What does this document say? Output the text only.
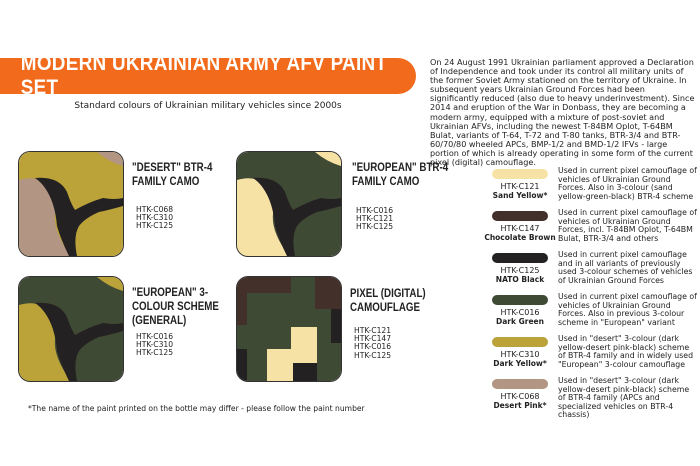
MODERN UKRAINIAN ARMY AFV PAINT SET
Standard colours of Ukrainian military vehicles since 2000s
On 24 August 1991 Ukrainian parliament approved a Declaration of Independence and took under its control all military units of the former Soviet Army stationed on the territory of Ukraine. In subsequent years Ukrainian Ground Forces had been significantly reduced (also due to heavy underinvestment). Since 2014 and eruption of the War in Donbass, they are becoming a modern army, equipped with a mixture of post-soviet and Ukrainian AFVs, including the newest T-84BM Oplot, T-64BM Bulat, variants of T-64, T-72 and T-80 tanks, BTR-3/4 and BTR-60/70/80 wheeled APCs, BMP-1/2 and BMD-1/2 IFVs - large portion of which is already operating in some form of the current pixel (digital) camouflage.
"DESERT" BTR-4 FAMILY CAMO
HTK-C068
HTK-C310
HTK-C125
"EUROPEAN" BTR-4 FAMILY CAMO
HTK-C016
HTK-C121
HTK-C125
"EUROPEAN" 3-COLOUR SCHEME (GENERAL)
HTK-C016
HTK-C310
HTK-C125
PIXEL (DIGITAL) CAMOUFLAGE
HTK-C121
HTK-C147
HTK-C016
HTK-C125
HTK-C121
Sand Yellow*
Used in current pixel camouflage of vehicles of Ukrainian Ground Forces. Also in 3-colour (sand yellow-green-black) BTR-4 scheme
HTK-C147
Chocolate Brown
Used in current pixel camouflage of vehicles of Ukrainian Ground Forces, incl. T-84BM Oplot, T-64BM Bulat, BTR-3/4 and others
HTK-C125
NATO Black
Used in current pixel camouflage and in all variants of previously used 3-colour schemes of vehicles of Ukrainian Ground Forces
HTK-C016
Dark Green
Used in current pixel camouflage of vehicles of Ukrainian Ground Forces. Also in previous 3-colour scheme in "European" variant
HTK-C310
Dark Yellow*
Used in "desert" 3-colour (dark yellow-desert pink-black) scheme of BTR-4 family and in widely used "European" 3-colour camouflage
HTK-C068
Desert Pink*
Used in "desert" 3-colour (dark yellow-desert pink-black) scheme of BTR-4 family (APCs and specialized vehicles on BTR-4 chassis)
*The name of the paint printed on the bottle may differ - please follow the paint number
